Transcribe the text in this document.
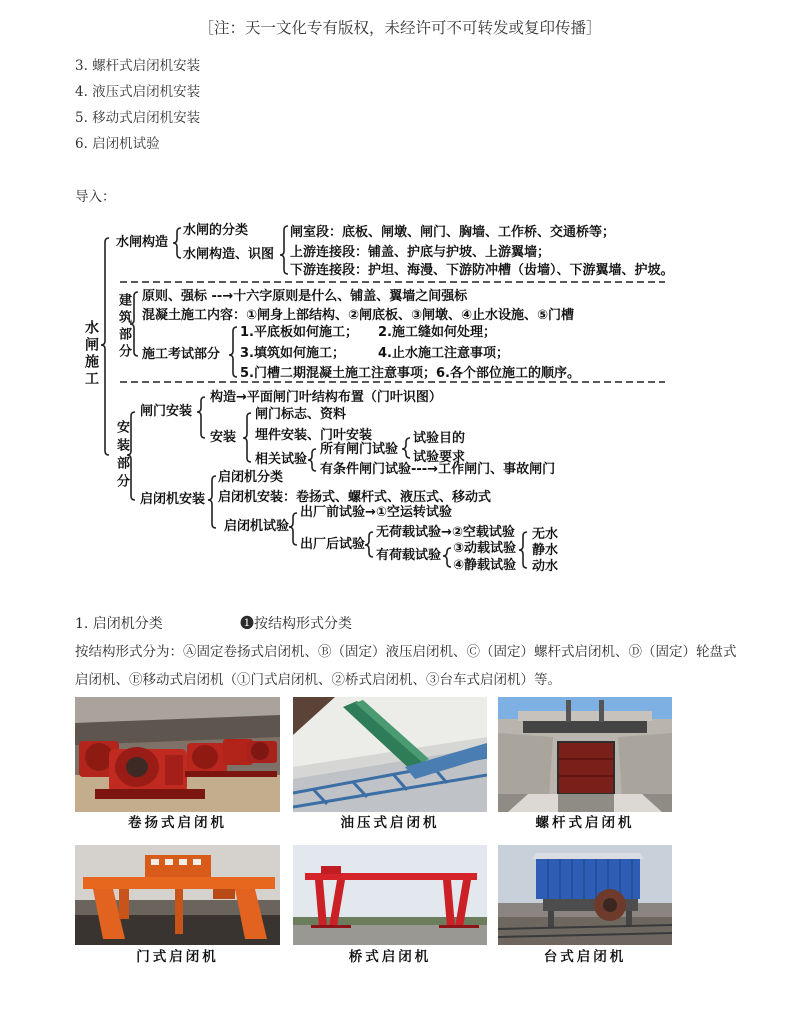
［注：天一文化专有版权，未经许可不可转发或复印传播］
3. 螺杆式启闭机安装
4. 液压式启闭机安装
5. 移动式启闭机安装
6. 启闭机试验
导入：
水闸施工
水闸构造
水闸的分类
水闸构造、识图
闸室段：底板、闸墩、闸门、胸墙、工作桥、交通桥等；
上游连接段：铺盖、护底与护坡、上游翼墙；
下游连接段：护坦、海漫、下游防冲槽（齿墙）、下游翼墙、护坡。
建筑部分 原则、强标 --→十六字原则是什么、铺盖、翼墙之间强标
混凝土施工内容：①闸身上部结构、②闸底板、③闸墩、④止水设施、⑤门槽
施工考试部分
1.平底板如何施工； 2.施工缝如何处理；
3.填筑如何施工；	4.止水施工注意事项；
5.门槽二期混凝土施工注意事项；6.各个部位施工的顺序。
安装部分
闸门安装
构造→平面闸门叶结构布置（门叶识图）
安装
闸门标志、资料
埋件安装、门叶安装
相关试验
所有闸门试验
试验目的
试验要求
有条件闸门试验---→工作闸门、事故闸门
启闭机安装
启闭机分类
启闭机安装：卷扬式、螺杆式、液压式、移动式
启闭机试验
出厂前试验→①空运转试验
出厂后试验
无荷载试验→②空载试验
有荷载试验 ③动载试验
④静载试验
无水
静水
动水
1. 启闭机分类	❶按结构形式分类
按结构形式分为：Ⓐ固定卷扬式启闭机、Ⓑ（固定）液压启闭机、Ⓒ（固定）螺杆式启闭机、Ⓓ（固定）轮盘式
启闭机、Ⓔ移动式启闭机（①门式启闭机、②桥式启闭机、③台车式启闭机）等。
卷扬式启闭机	油压式启闭机	螺杆式启闭机
门式启闭机	桥式启闭机	台式启闭机
